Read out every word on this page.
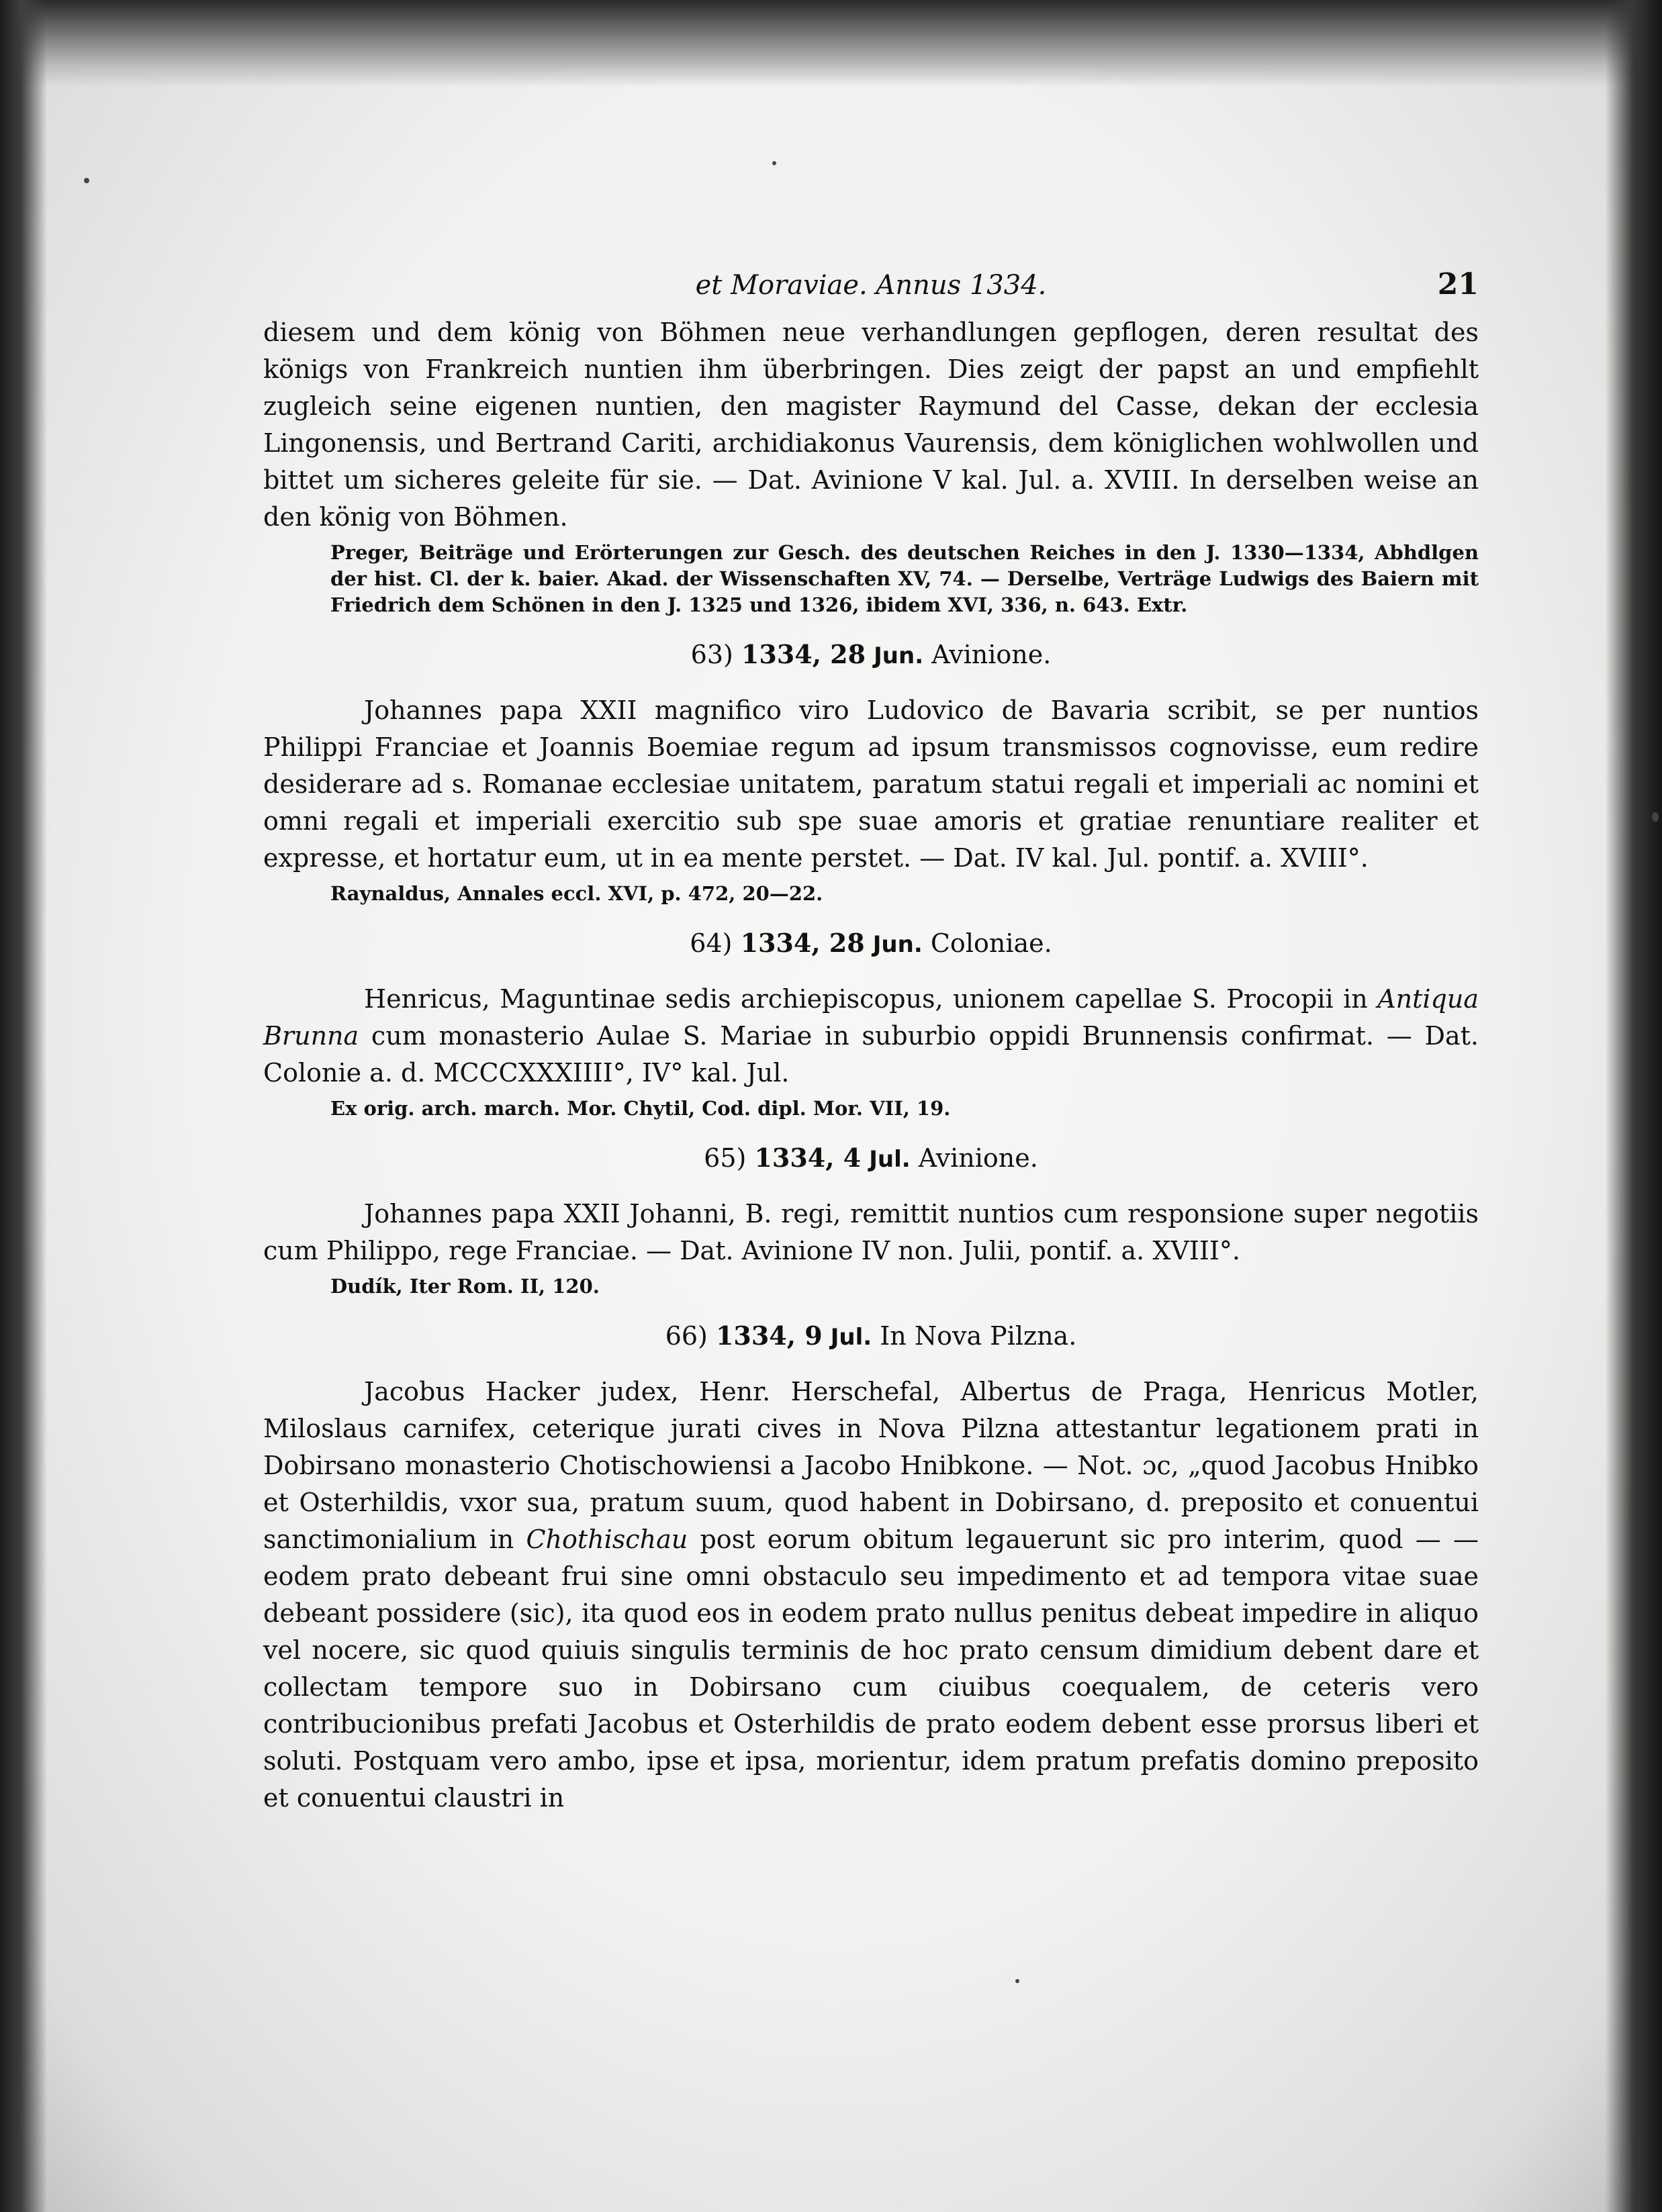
et Moraviae. Annus 1334.	21

diesem und dem könig von Böhmen neue verhandlungen gepflogen, deren resultat des königs von Frankreich nuntien ihm überbringen. Dies zeigt der papst an und empfiehlt zugleich seine eigenen nuntien, den magister Raymund del Casse, dekan der ecclesia Lingonensis, und Bertrand Cariti, archidiakonus Vaurensis, dem königlichen wohlwollen und bittet um sicheres geleite für sie. — Dat. Avinione V kal. Jul. a. XVIII. In derselben weise an den könig von Böhmen.

Preger, Beiträge und Erörterungen zur Gesch. des deutschen Reiches in den J. 1330—1334, Abhdlgen der hist. Cl. der k. baier. Akad. der Wissenschaften XV, 74. — Derselbe, Verträge Ludwigs des Baiern mit Friedrich dem Schönen in den J. 1325 und 1326, ibidem XVI, 336, n. 643. Extr.

63) 1334, 28 Jun. Avinione.

Johannes papa XXII magnifico viro Ludovico de Bavaria scribit, se per nuntios Philippi Franciae et Joannis Boemiae regum ad ipsum transmissos cognovisse, eum redire desiderare ad s. Romanae ecclesiae unitatem, paratum statui regali et imperiali ac nomini et omni regali et imperiali exercitio sub spe suae amoris et gratiae renuntiare realiter et expresse, et hortatur eum, ut in ea mente perstet. — Dat. IV kal. Jul. pontif. a. XVIII°.

Raynaldus, Annales eccl. XVI, p. 472, 20—22.

64) 1334, 28 Jun. Coloniae.

Henricus, Maguntinae sedis archiepiscopus, unionem capellae S. Procopii in Antiqua Brunna cum monasterio Aulae S. Mariae in suburbio oppidi Brunnensis confirmat. — Dat. Colonie a. d. MCCCXXXIIII°, IV° kal. Jul.

Ex orig. arch. march. Mor. Chytil, Cod. dipl. Mor. VII, 19.

65) 1334, 4 Jul. Avinione.

Johannes papa XXII Johanni, B. regi, remittit nuntios cum responsione super negotiis cum Philippo, rege Franciae. — Dat. Avinione IV non. Julii, pontif. a. XVIII°.

Dudík, Iter Rom. II, 120.

66) 1334, 9 Jul. In Nova Pilzna.

Jacobus Hacker judex, Henr. Herschefal, Albertus de Praga, Henricus Motler, Miloslaus carnifex, ceterique jurati cives in Nova Pilzna attestantur legationem prati in Dobirsano monasterio Chotischowiensi a Jacobo Hnibkone. — Not. ɔc, „quod Jacobus Hnibko et Osterhildis, vxor sua, pratum suum, quod habent in Dobirsano, d. preposito et conuentui sanctimonialium in Chothischau post eorum obitum legauerunt sic pro interim, quod — — eodem prato debeant frui sine omni obstaculo seu impedimento et ad tempora vitae suae debeant possidere (sic), ita quod eos in eodem prato nullus penitus debeat impedire in aliquo vel nocere, sic quod quiuis singulis terminis de hoc prato censum dimidium debent dare et collectam tempore suo in Dobirsano cum ciuibus coequalem, de ceteris vero contribucionibus prefati Jacobus et Osterhildis de prato eodem debent esse prorsus liberi et soluti. Postquam vero ambo, ipse et ipsa, morientur, idem pratum prefatis domino preposito et conuentui claustri in
